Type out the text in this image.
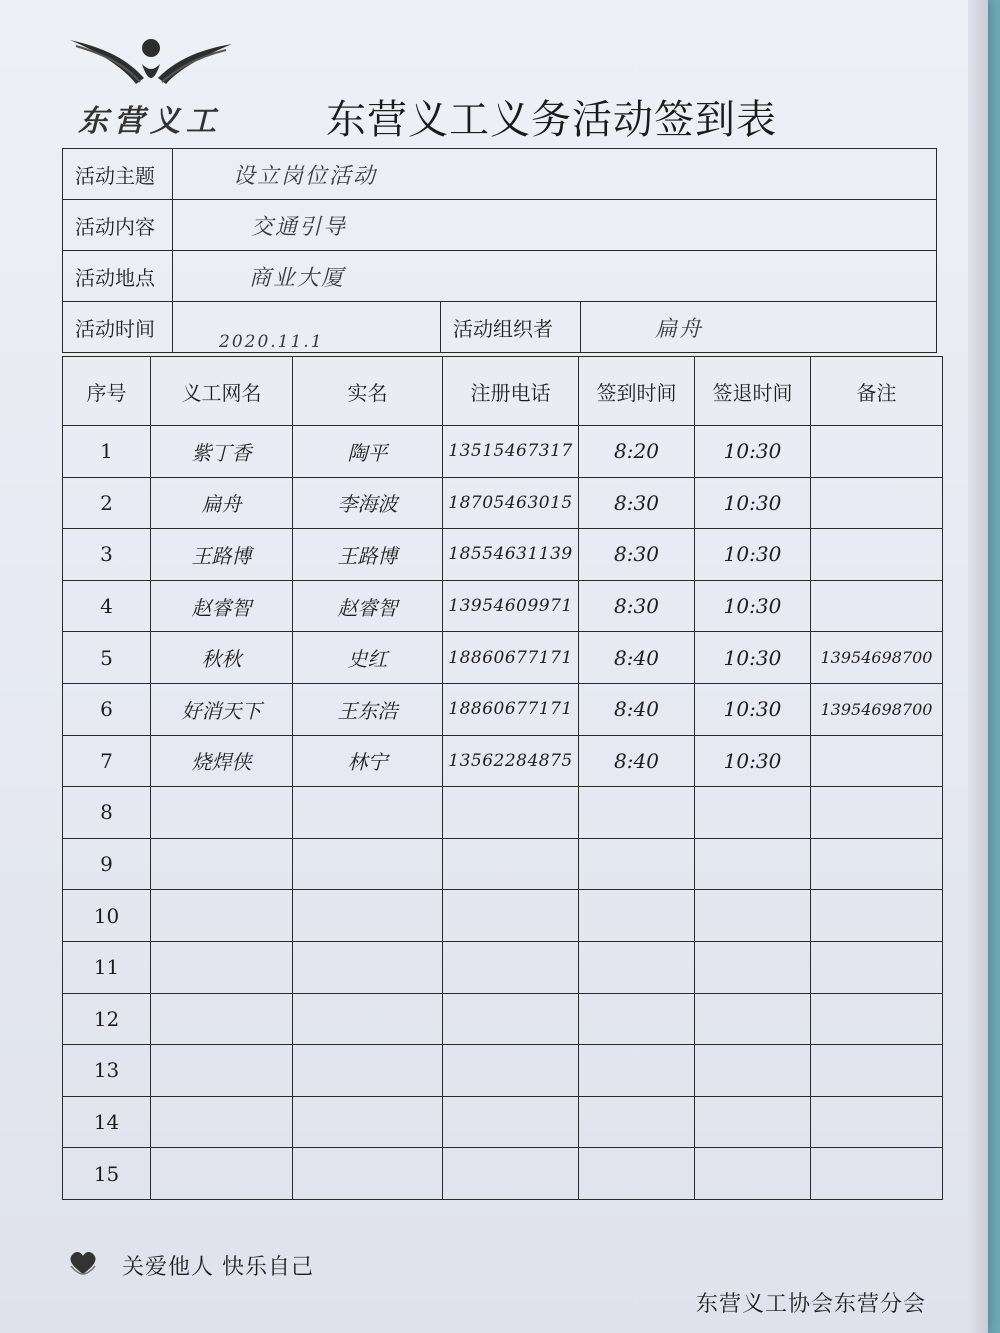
东营义工	东营义工义务活动签到表
活动主题	设立岗位活动		
活动内容	交通引导		
活动地点	商业大厦		
活动时间	2020.11.1	活动组织者	扁舟
序号	义工网名	实名	注册电话	签到时间	签退时间	备注
1	紫丁香	陶平	13515467317	8:20	10:30	
2	扁舟	李海波	18705463015	8:30	10:30	
3	王路博	王路博	18554631139	8:30	10:30	
4	赵睿智	赵睿智	13954609971	8:30	10:30	
5	秋秋	史红	18860677171	8:40	10:30	13954698700
6	好消天下	王东浩	18860677171	8:40	10:30	13954698700
7	烧焊侠	林宁	13562284875	8:40	10:30	
8						
9						
10						
11						
12						
13						
14						
15						
关爱他人 快乐自己
东营义工协会东营分会
